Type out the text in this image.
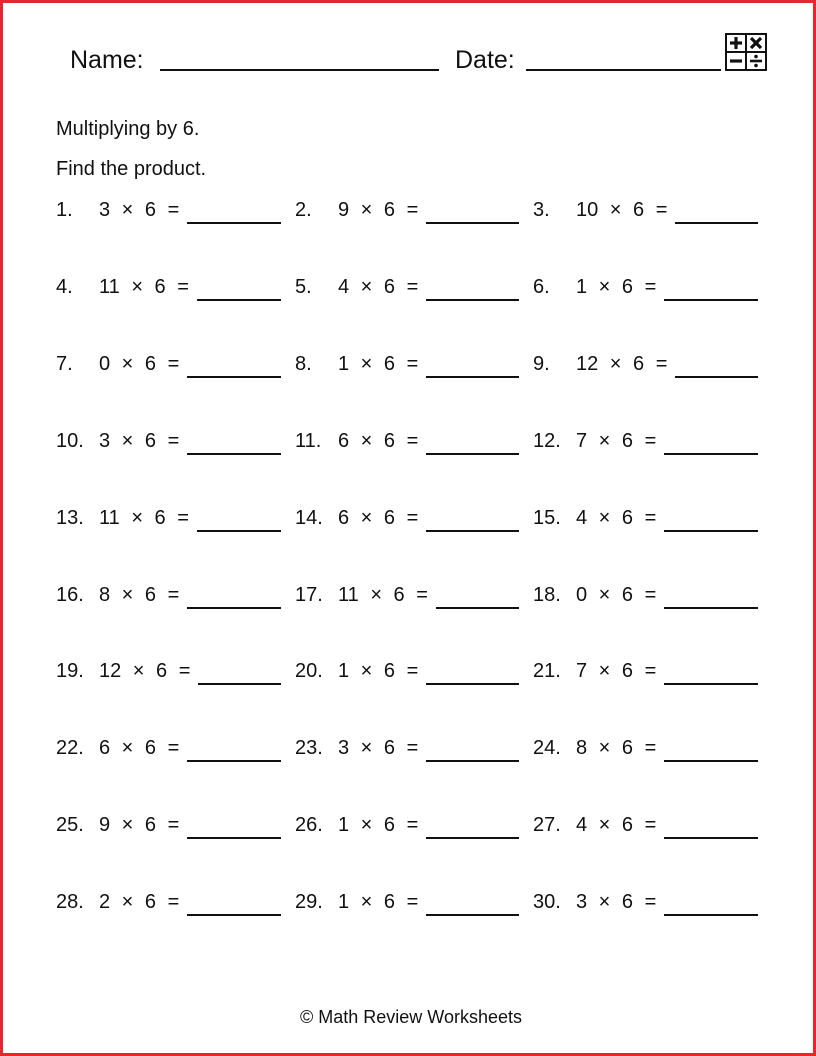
Name:	Date:
Multiplying by 6.
Find the product.
1. 3 × 6 =	2. 9 × 6 =	3. 10 × 6 =
4. 11 × 6 =	5. 4 × 6 =	6. 1 × 6 =
7. 0 × 6 =	8. 1 × 6 =	9. 12 × 6 =
10. 3 × 6 =	11. 6 × 6 =	12. 7 × 6 =
13. 11 × 6 =	14. 6 × 6 =	15. 4 × 6 =
16. 8 × 6 =	17. 11 × 6 =	18. 0 × 6 =
19. 12 × 6 =	20. 1 × 6 =	21. 7 × 6 =
22. 6 × 6 =	23. 3 × 6 =	24. 8 × 6 =
25. 9 × 6 =	26. 1 × 6 =	27. 4 × 6 =
28. 2 × 6 =	29. 1 × 6 =	30. 3 × 6 =
© Math Review Worksheets
